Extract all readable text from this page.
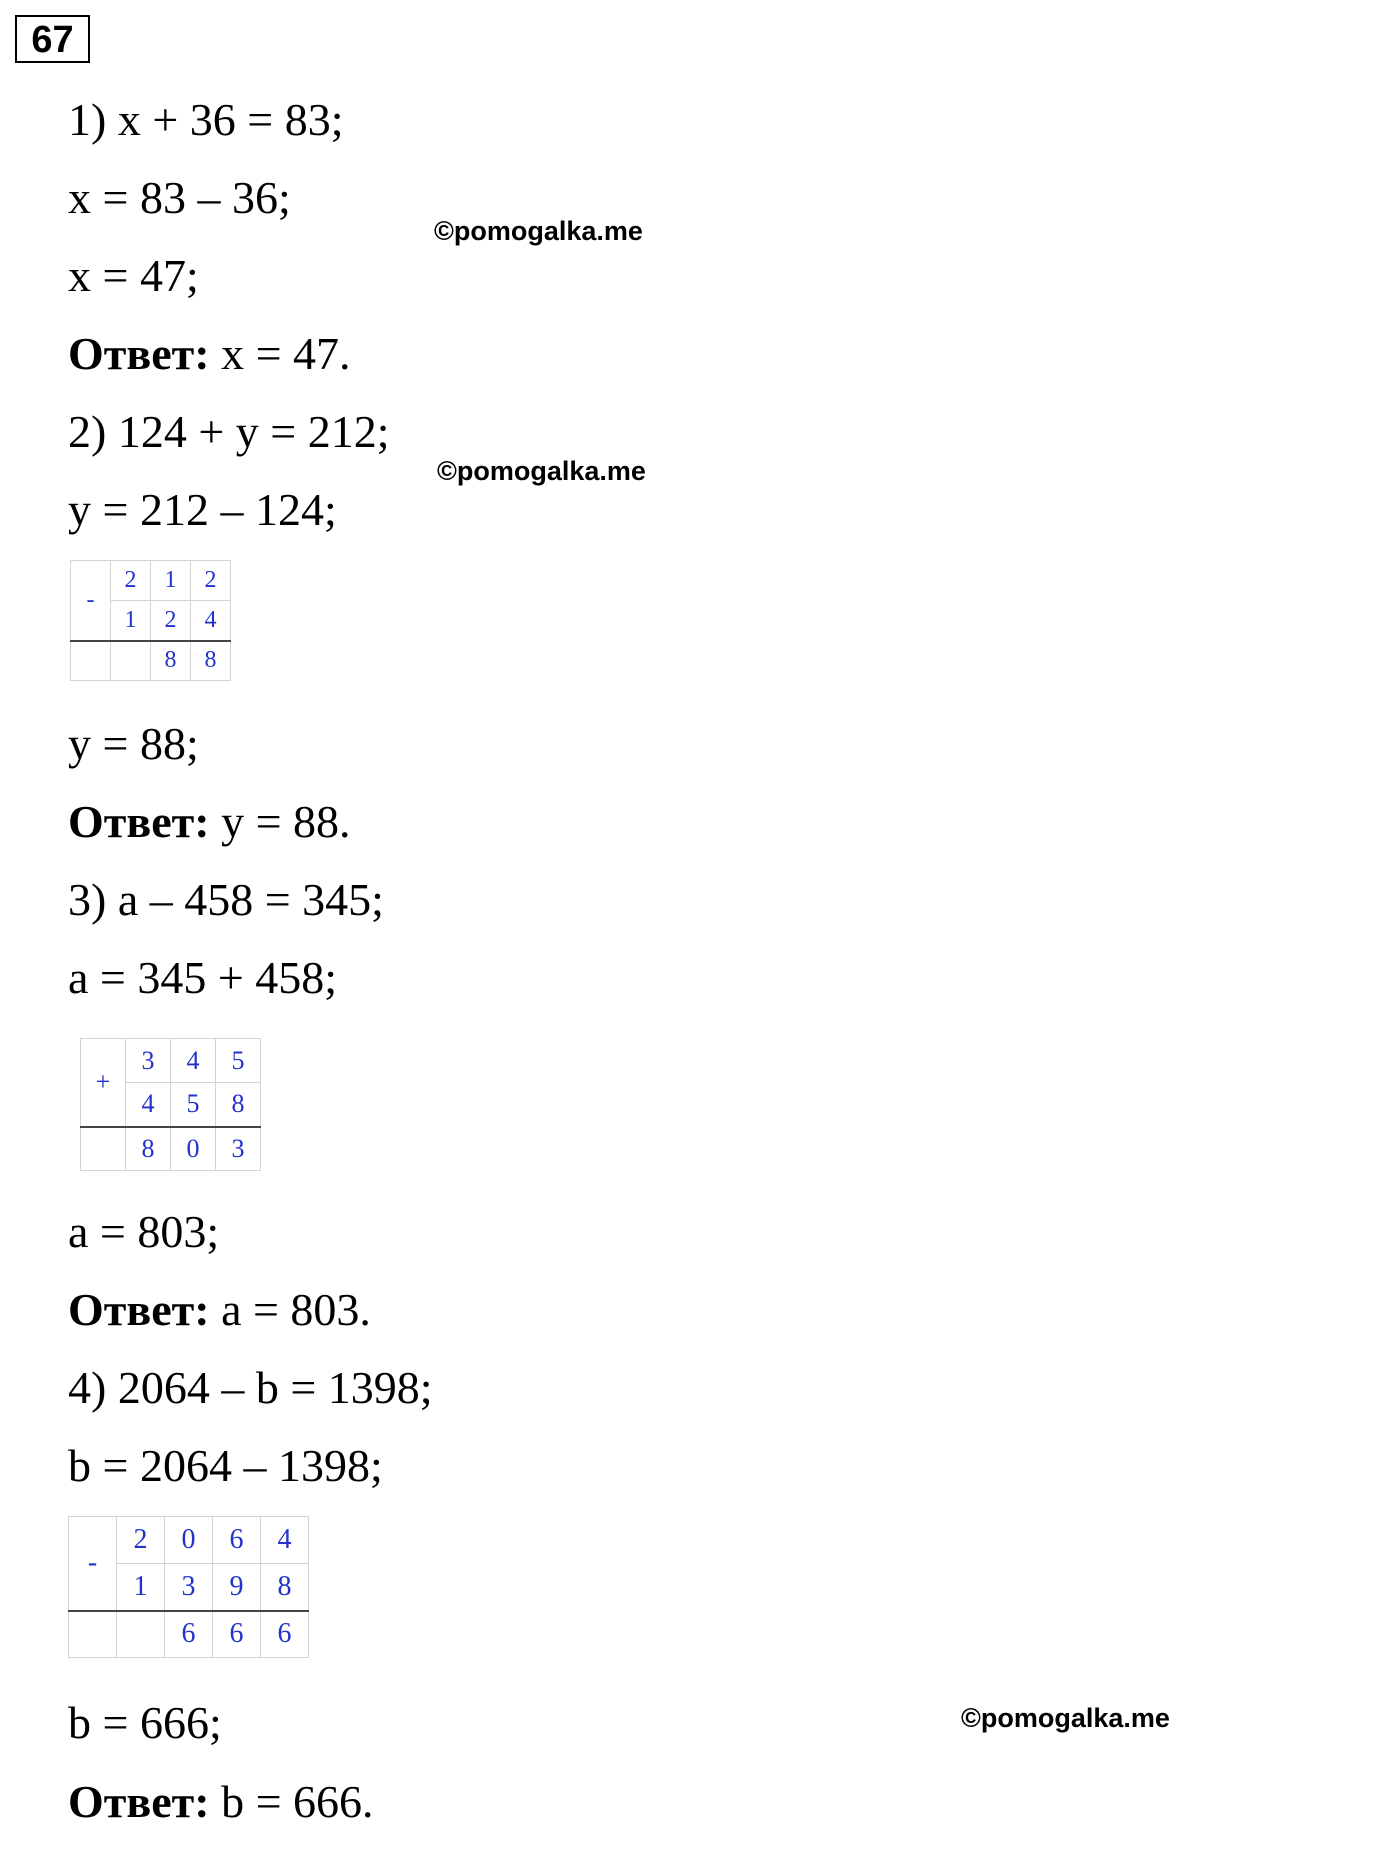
67
1) x + 36 = 83;
x = 83 – 36;
x = 47;
Ответ: x = 47.
©pomogalka.me
2) 124 + y = 212;
©pomogalka.me
y = 212 – 124;
-	2	1	2
	1	2	4
		8	8
y = 88;
Ответ: y = 88.
3) a – 458 = 345;
a = 345 + 458;
+	3	4	5
	4	5	8
	8	0	3
a = 803;
Ответ: a = 803.
4) 2064 – b = 1398;
b = 2064 – 1398;
-	2	0	6	4
	1	3	9	8
		6	6	6
b = 666;	©pomogalka.me
Ответ: b = 666.
